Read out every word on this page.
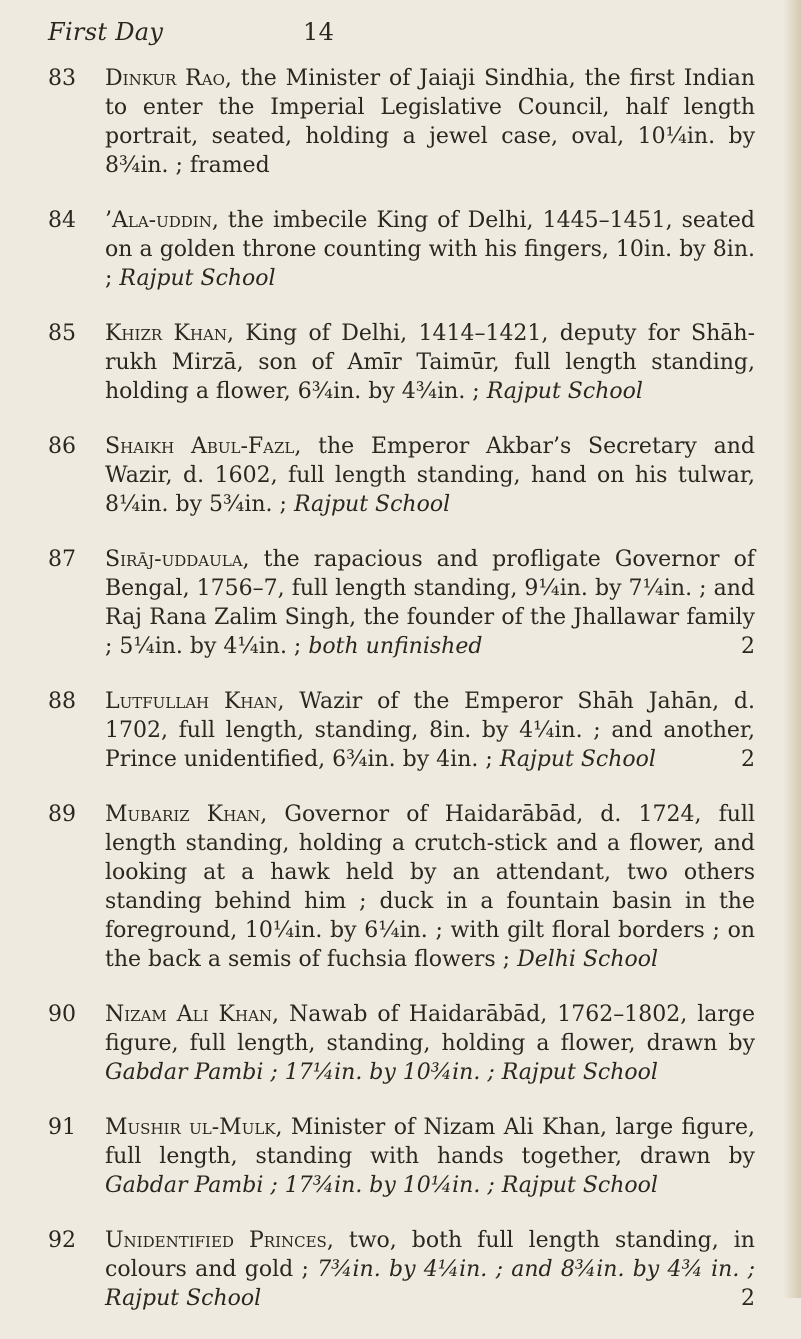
First Day	14
83 Dinkur Rao, the Minister of Jaiaji Sindhia, the first Indian to enter the Imperial Legislative Council, half length portrait, seated, holding a jewel case, oval, 10¼in. by 8¾in. ; framed
84 ’Ala-uddin, the imbecile King of Delhi, 1445–1451, seated on a golden throne counting with his fingers, 10in. by 8in. ; Rajput School
85 Khizr Khan, King of Delhi, 1414–1421, deputy for Shāh-rukh Mirzā, son of Amīr Taimūr, full length standing, holding a flower, 6¾in. by 4¾in. ; Rajput School
86 Shaikh Abul-Fazl, the Emperor Akbar’s Secretary and Wazir, d. 1602, full length standing, hand on his tulwar, 8¼in. by 5¾in. ; Rajput School
87 Sirāj-uddaula, the rapacious and profligate Governor of Bengal, 1756–7, full length standing, 9¼in. by 7¼in. ; and Raj Rana Zalim Singh, the founder of the Jhallawar family ; 5¼in. by 4¼in. ; both unfinished	2
88 Lutfullah Khan, Wazir of the Emperor Shāh Jahān, d. 1702, full length, standing, 8in. by 4¼in. ; and another, Prince unidentified, 6¾in. by 4in. ; Rajput School	2
89 Mubariz Khan, Governor of Haidarābād, d. 1724, full length standing, holding a crutch-stick and a flower, and looking at a hawk held by an attendant, two others standing behind him ; duck in a fountain basin in the foreground, 10¼in. by 6¼in. ; with gilt floral borders ; on the back a semis of fuchsia flowers ; Delhi School
90 Nizam Ali Khan, Nawab of Haidarābād, 1762–1802, large figure, full length, standing, holding a flower, drawn by Gabdar Pambi ; 17¼in. by 10¾in. ; Rajput School
91 Mushir ul-Mulk, Minister of Nizam Ali Khan, large figure, full length, standing with hands together, drawn by Gabdar Pambi ; 17¾in. by 10¼in. ; Rajput School
92 Unidentified Princes, two, both full length standing, in colours and gold ; 7¾in. by 4¼in. ; and 8¾in. by 4¾ in. ; Rajput School	2
